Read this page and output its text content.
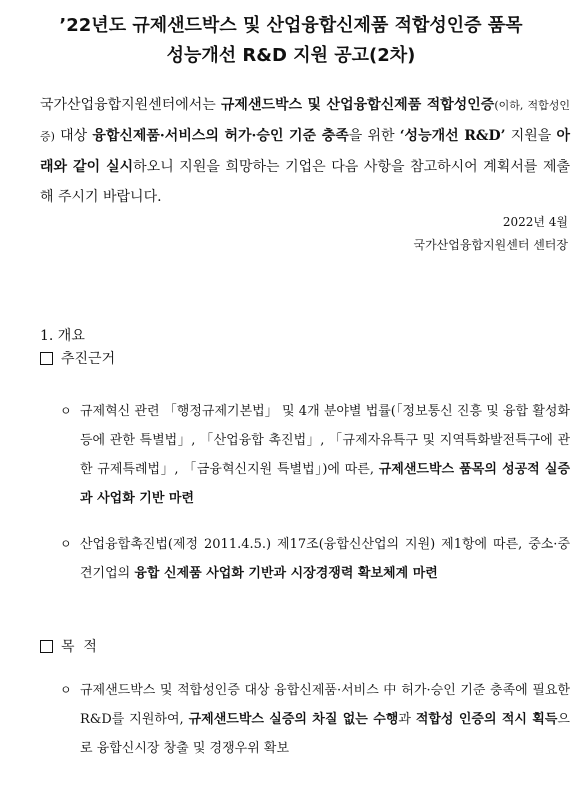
’22년도 규제샌드박스 및 산업융합신제품 적합성인증 품목
성능개선 R&D 지원 공고(2차)

국가산업융합지원센터에서는 규제샌드박스 및 산업융합신제품 적합성인증(이하, 적합성인증) 대상 융합신제품·서비스의 허가·승인 기준 충족을 위한 ‘성능개선 R&D’ 지원을 아래와 같이 실시하오니 지원을 희망하는 기업은 다음 사항을 참고하시어 계획서를 제출해 주시기 바랍니다.

2022년 4월

국가산업융합지원센터 센터장

1. 개요

추진근거
ㅇ 규제혁신 관련 「행정규제기본법」 및 4개 분야별 법률(「정보통신 진흥 및 융합 활성화 등에 관한 특별법」, 「산업융합 촉진법」, 「규제자유특구 및 지역특화발전특구에 관한 규제특례법」, 「금융혁신지원 특별법」)에 따른, 규제샌드박스 품목의 성공적 실증과 사업화 기반 마련
ㅇ 산업융합촉진법(제정 2011.4.5.) 제17조(융합신산업의 지원) 제1항에 따른, 중소·중견기업의 융합 신제품 사업화 기반과 시장경쟁력 확보체계 마련
목  적
ㅇ 규제샌드박스 및 적합성인증 대상 융합신제품·서비스 中 허가·승인 기준 충족에 필요한 R&D를 지원하여, 규제샌드박스 실증의 차질 없는 수행과 적합성 인증의 적시 획득으로 융합신시장 창출 및 경쟁우위 확보
